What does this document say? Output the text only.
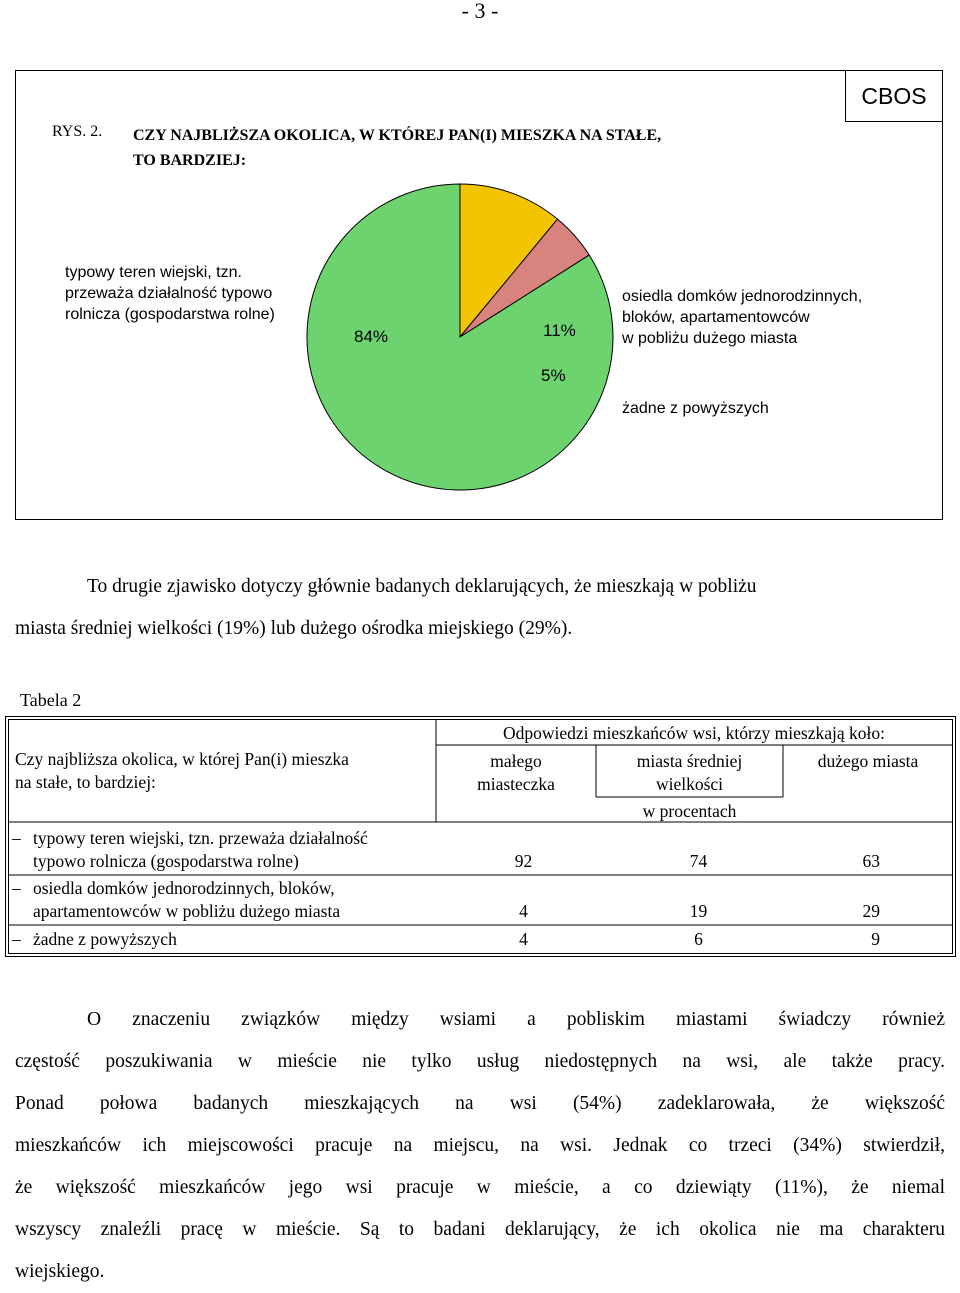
- 3 -
CBOS
RYS. 2. CZY NAJBLIŻSZA OKOLICA, W KTÓREJ PAN(I) MIESZKA NA STAŁE,
TO BARDZIEJ:
typowy teren wiejski, tzn.
przeważa działalność typowo
rolnicza (gospodarstwa rolne)
osiedla domków jednorodzinnych,
bloków, apartamentowców
w pobliżu dużego miasta
żadne z powyższych
84%	11%
5%
To drugie zjawisko dotyczy głównie badanych deklarujących, że mieszkają w pobliżu
miasta średniej wielkości (19%) lub dużego ośrodka miejskiego (29%).
Tabela 2
Czy najbliższa okolica, w której Pan(i) mieszka
na stałe, to bardziej:
Odpowiedzi mieszkańców wsi, którzy mieszkają koło:
małego
miasteczka
miasta średniej
wielkości
dużego miasta
w procentach
– typowy teren wiejski, tzn. przeważa działalność
typowo rolnicza (gospodarstwa rolne)	92	74	63
– osiedla domków jednorodzinnych, bloków,
apartamentowców w pobliżu dużego miasta	4	19	29
– żadne z powyższych	4	6	9
O znaczeniu związków między wsiami a pobliskim miastami świadczy również
częstość poszukiwania w mieście nie tylko usług niedostępnych na wsi, ale także pracy.
Ponad połowa badanych mieszkających na wsi (54%) zadeklarowała, że większość
mieszkańców ich miejscowości pracuje na miejscu, na wsi. Jednak co trzeci (34%) stwierdził,
że większość mieszkańców jego wsi pracuje w mieście, a co dziewiąty (11%), że niemal
wszyscy znaleźli pracę w mieście. Są to badani deklarujący, że ich okolica nie ma charakteru
wiejskiego.
